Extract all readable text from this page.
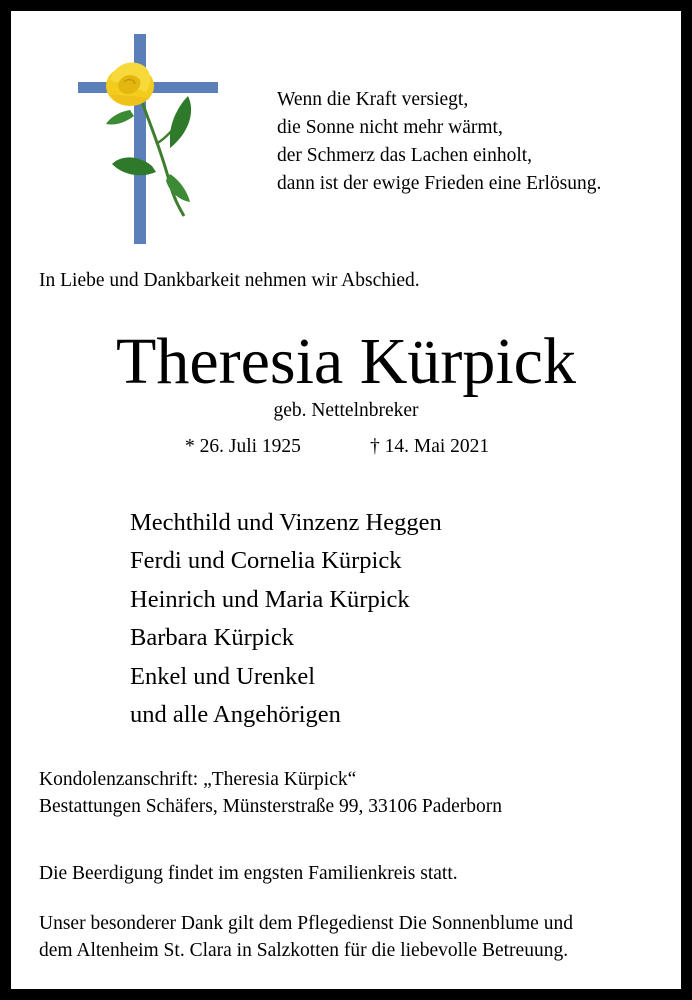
Wenn die Kraft versiegt,
die Sonne nicht mehr wärmt,
der Schmerz das Lachen einholt,
dann ist der ewige Frieden eine Erlösung.
In Liebe und Dankbarkeit nehmen wir Abschied.
Theresia Kürpick
geb. Nettelnbreker
* 26. Juli 1925	† 14. Mai 2021
Mechthild und Vinzenz Heggen
Ferdi und Cornelia Kürpick
Heinrich und Maria Kürpick
Barbara Kürpick
Enkel und Urenkel
und alle Angehörigen
Kondolenzanschrift: „Theresia Kürpick“
Bestattungen Schäfers, Münsterstraße 99, 33106 Paderborn
Die Beerdigung findet im engsten Familienkreis statt.
Unser besonderer Dank gilt dem Pflegedienst Die Sonnenblume und
dem Altenheim St. Clara in Salzkotten für die liebevolle Betreuung.
